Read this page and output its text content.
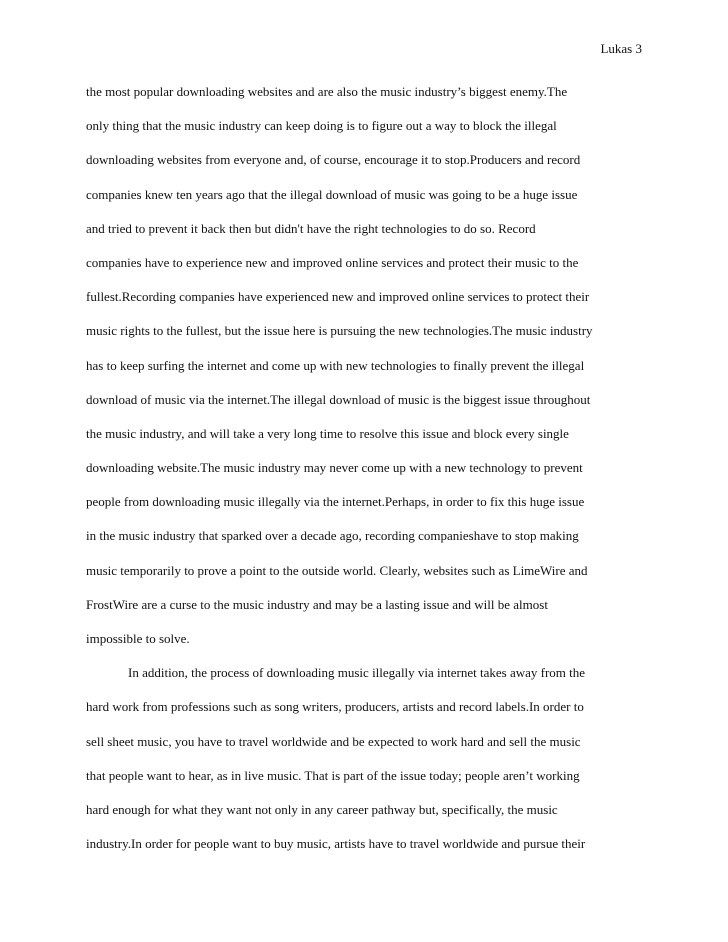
Lukas 3
the most popular downloading websites and are also the music industry’s biggest enemy.The
only thing that the music industry can keep doing is to figure out a way to block the illegal
downloading websites from everyone and, of course, encourage it to stop.Producers and record
companies knew ten years ago that the illegal download of music was going to be a huge issue
and tried to prevent it back then but didn't have the right technologies to do so. Record
companies have to experience new and improved online services and protect their music to the
fullest.Recording companies have experienced new and improved online services to protect their
music rights to the fullest, but the issue here is pursuing the new technologies.The music industry
has to keep surfing the internet and come up with new technologies to finally prevent the illegal
download of music via the internet.The illegal download of music is the biggest issue throughout
the music industry, and will take a very long time to resolve this issue and block every single
downloading website.The music industry may never come up with a new technology to prevent
people from downloading music illegally via the internet.Perhaps, in order to fix this huge issue
in the music industry that sparked over a decade ago, recording companieshave to stop making
music temporarily to prove a point to the outside world. Clearly, websites such as LimeWire and
FrostWire are a curse to the music industry and may be a lasting issue and will be almost
impossible to solve.
In addition, the process of downloading music illegally via internet takes away from the
hard work from professions such as song writers, producers, artists and record labels.In order to
sell sheet music, you have to travel worldwide and be expected to work hard and sell the music
that people want to hear, as in live music. That is part of the issue today; people aren’t working
hard enough for what they want not only in any career pathway but, specifically, the music
industry.In order for people want to buy music, artists have to travel worldwide and pursue their
